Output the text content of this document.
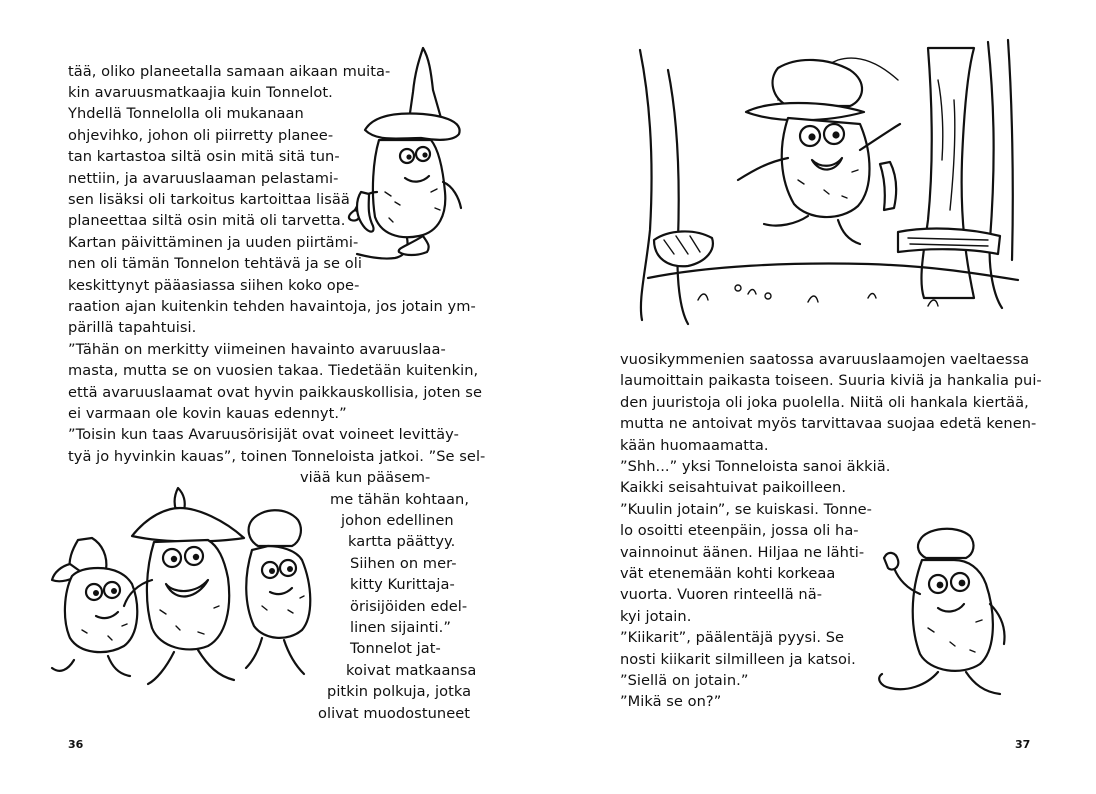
tää, oliko planeetalla samaan aikaan muita-
kin avaruusmatkaajia kuin Tonnelot.
Yhdellä Tonnelolla oli mukanaan
ohjevihko, johon oli piirretty planee-
tan kartastoa siltä osin mitä sitä tun-
nettiin, ja avaruuslaaman pelastami-
sen lisäksi oli tarkoitus kartoittaa lisää
planeettaa siltä osin mitä oli tarvetta.
Kartan päivittäminen ja uuden piirtämi-
nen oli tämän Tonnelon tehtävä ja se oli
keskittynyt pääasiassa siihen koko ope-
raation ajan kuitenkin tehden havaintoja, jos jotain ym-
pärillä tapahtuisi.
”Tähän on merkitty viimeinen havainto avaruuslaa-
masta, mutta se on vuosien takaa. Tiedetään kuitenkin,
että avaruuslaamat ovat hyvin paikkauskollisia, joten se
ei varmaan ole kovin kauas edennyt.”
”Toisin kun taas Avaruusörisijät ovat voineet levittäy-
tyä jo hyvinkin kauas”, toinen Tonneloista jatkoi. ”Se sel-
viää kun pääsem-
me tähän kohtaan,
johon edellinen
kartta päättyy.
Siihen on mer-
kitty Kurittaja-
örisijöiden edel-
linen sijainti.”
Tonnelot jat-
koivat matkaansa
pitkin polkuja, jotka
olivat muodostuneet
36
vuosikymmenien saatossa avaruuslaamojen vaeltaessa
laumoittain paikasta toiseen. Suuria kiviä ja hankalia pui-
den juuristoja oli joka puolella. Niitä oli hankala kiertää,
mutta ne antoivat myös tarvittavaa suojaa edetä kenen-
kään huomaamatta.
”Shh...” yksi Tonneloista sanoi äkkiä.
Kaikki seisahtuivat paikoilleen.
”Kuulin jotain”, se kuiskasi. Tonne-
lo osoitti eteenpäin, jossa oli ha-
vainnoinut äänen. Hiljaa ne lähti-
vät etenemään kohti korkeaa
vuorta. Vuoren rinteellä nä-
kyi jotain.
”Kiikarit”, päälentäjä pyysi. Se
nosti kiikarit silmilleen ja katsoi.
”Siellä on jotain.”
”Mikä se on?”
37
